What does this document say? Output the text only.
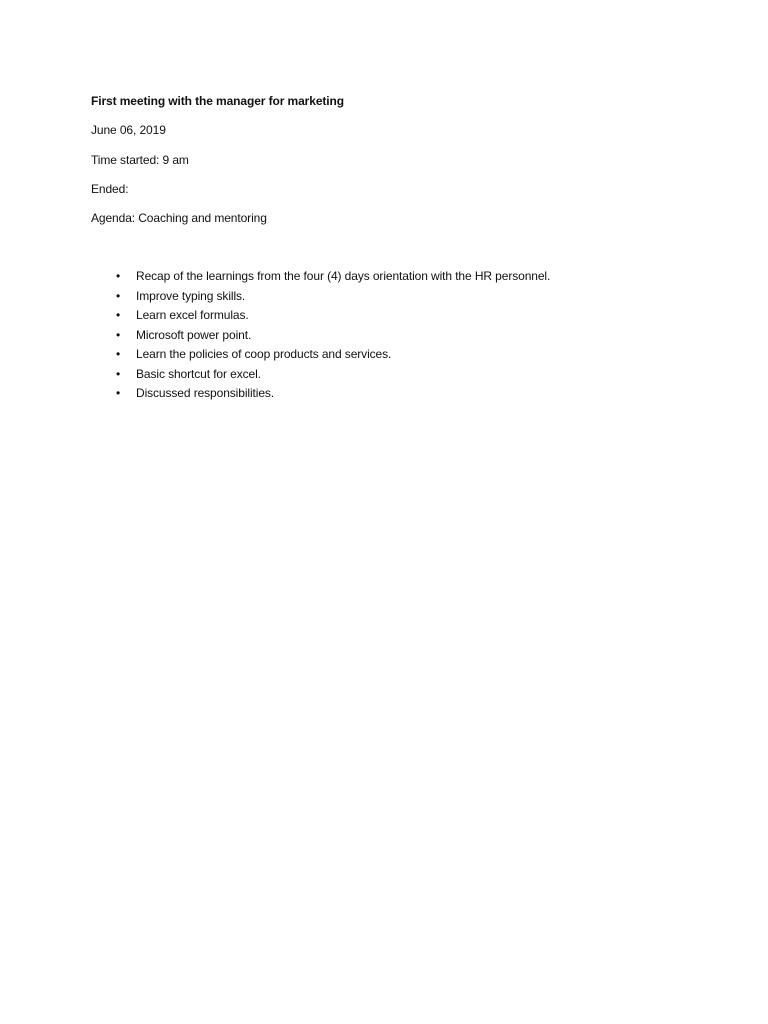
First meeting with the manager for marketing
June 06, 2019
Time started: 9 am
Ended:
Agenda: Coaching and mentoring
• Recap of the learnings from the four (4) days orientation with the HR personnel.
• Improve typing skills.
• Learn excel formulas.
• Microsoft power point.
• Learn the policies of coop products and services.
• Basic shortcut for excel.
• Discussed responsibilities.
